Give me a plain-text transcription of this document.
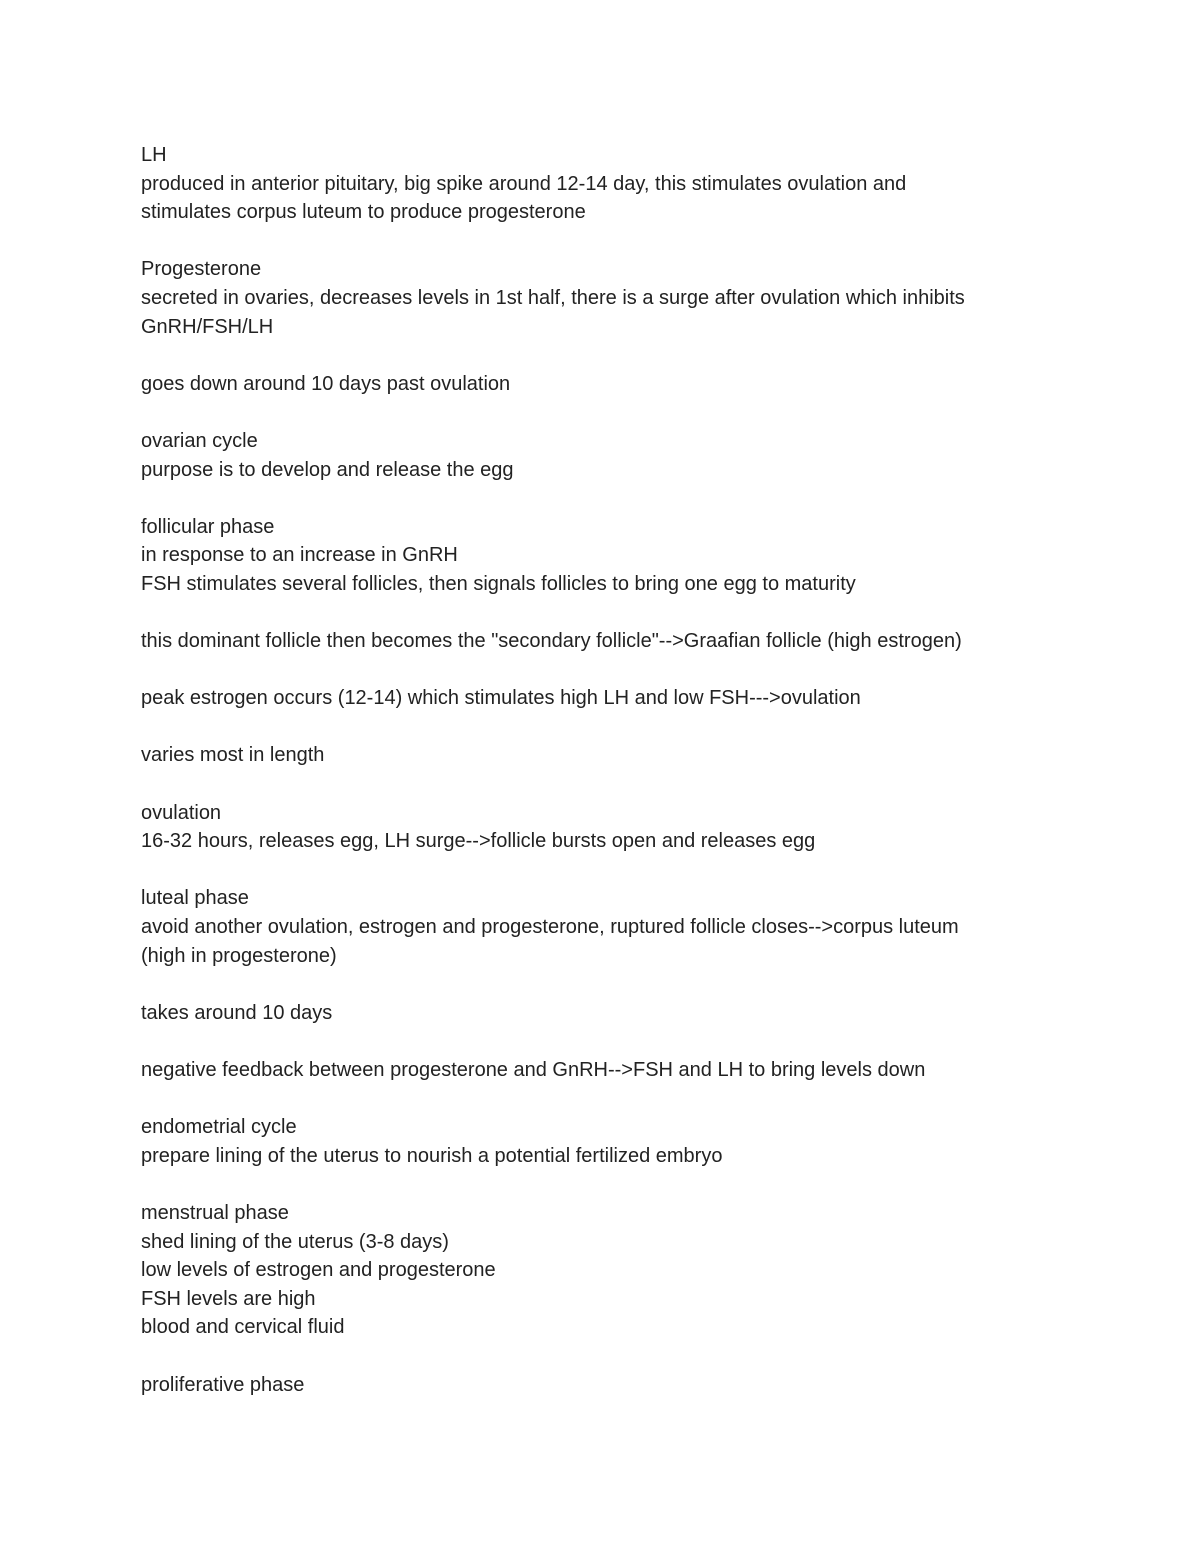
LH
produced in anterior pituitary, big spike around 12-14 day, this stimulates ovulation and
stimulates corpus luteum to produce progesterone
Progesterone
secreted in ovaries, decreases levels in 1st half, there is a surge after ovulation which inhibits
GnRH/FSH/LH
goes down around 10 days past ovulation
ovarian cycle
purpose is to develop and release the egg
follicular phase
in response to an increase in GnRH
FSH stimulates several follicles, then signals follicles to bring one egg to maturity
this dominant follicle then becomes the "secondary follicle"-->Graafian follicle (high estrogen)
peak estrogen occurs (12-14) which stimulates high LH and low FSH--->ovulation
varies most in length
ovulation
16-32 hours, releases egg, LH surge-->follicle bursts open and releases egg
luteal phase
avoid another ovulation, estrogen and progesterone, ruptured follicle closes-->corpus luteum
(high in progesterone)
takes around 10 days
negative feedback between progesterone and GnRH-->FSH and LH to bring levels down
endometrial cycle
prepare lining of the uterus to nourish a potential fertilized embryo
menstrual phase
shed lining of the uterus (3-8 days)
low levels of estrogen and progesterone
FSH levels are high
blood and cervical fluid
proliferative phase
